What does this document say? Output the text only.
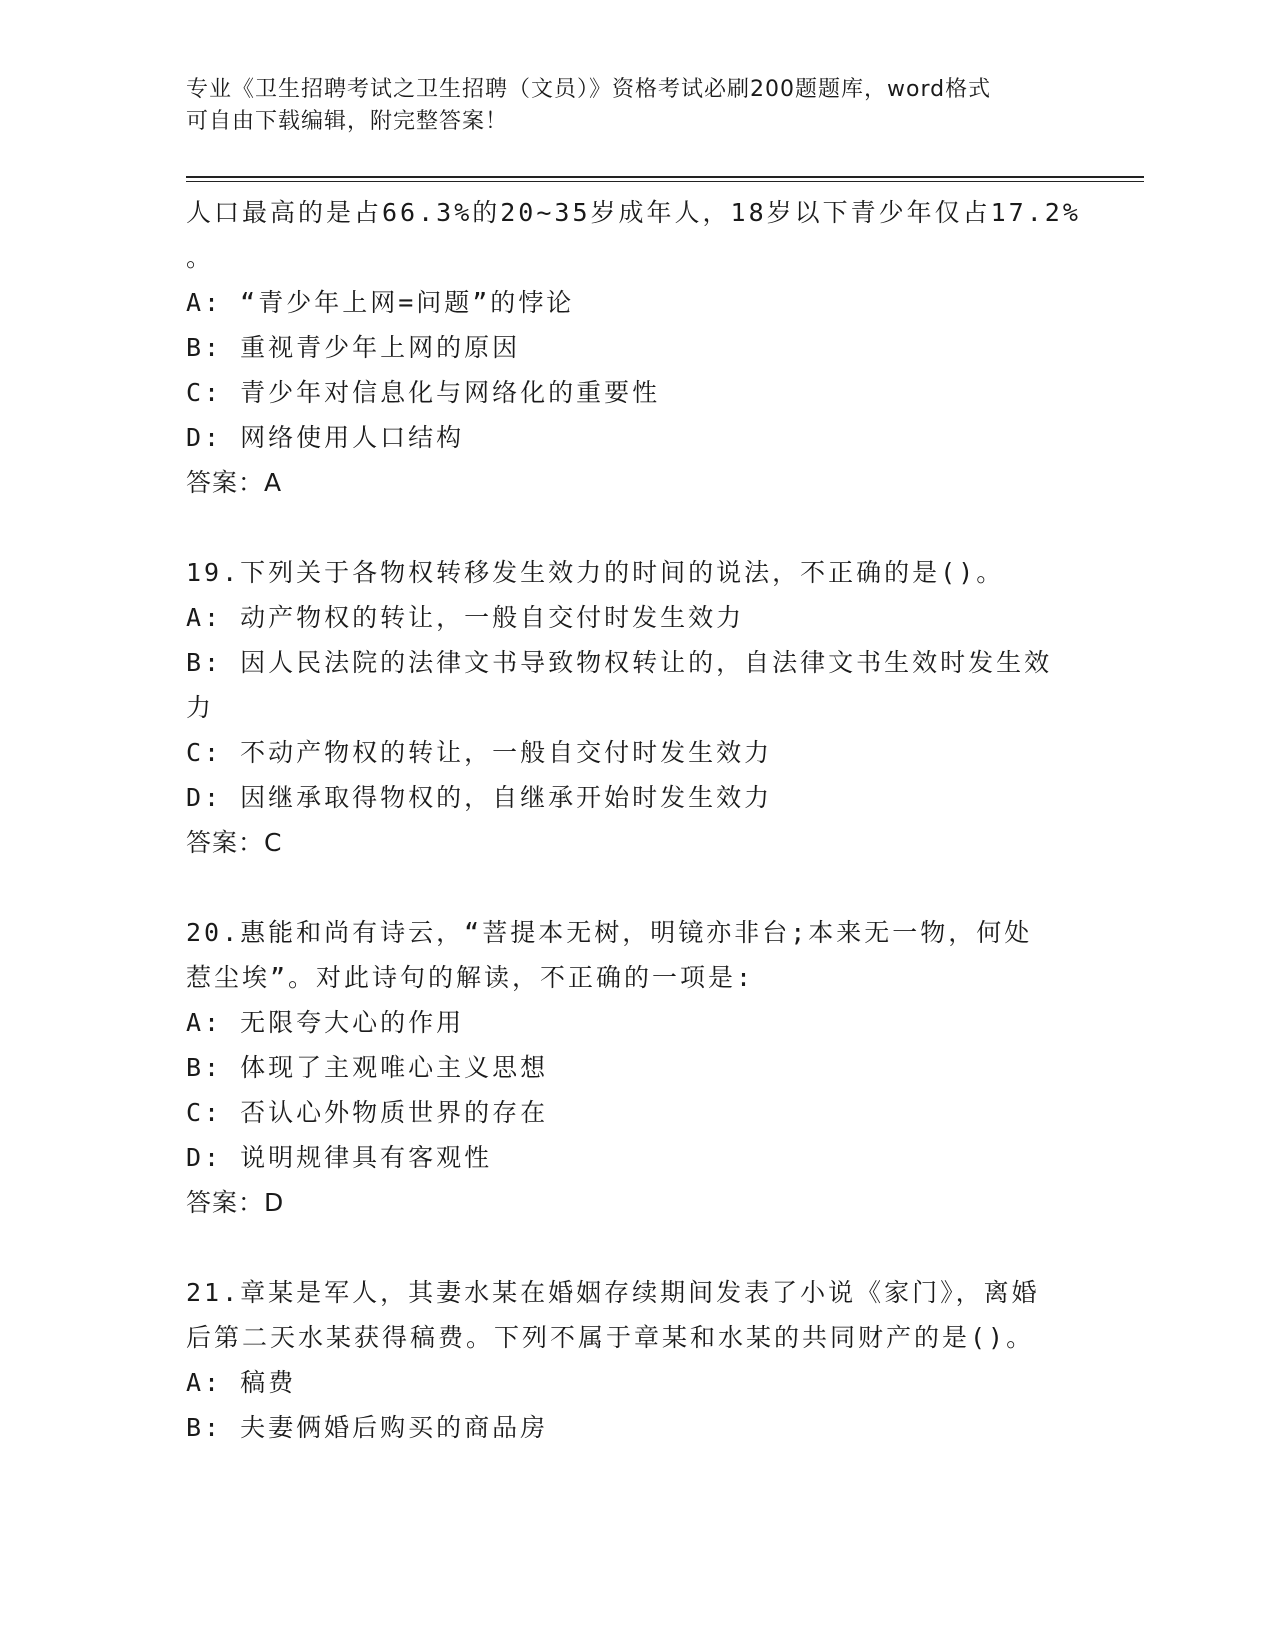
专业《卫生招聘考试之卫生招聘（文员）》资格考试必刷200题题库，word格式
可自由下载编辑，附完整答案！
人口最高的是占66.3%的20~35岁成年人，18岁以下青少年仅占17.2%
。
A: “青少年上网=问题”的悖论
B: 重视青少年上网的原因
C: 青少年对信息化与网络化的重要性
D: 网络使用人口结构
答案：A
19.下列关于各物权转移发生效力的时间的说法，不正确的是()。
A: 动产物权的转让，一般自交付时发生效力
B: 因人民法院的法律文书导致物权转让的，自法律文书生效时发生效
力
C: 不动产物权的转让，一般自交付时发生效力
D: 因继承取得物权的，自继承开始时发生效力
答案：C
20.惠能和尚有诗云，“菩提本无树，明镜亦非台;本来无一物，何处
惹尘埃”。对此诗句的解读，不正确的一项是:
A: 无限夸大心的作用
B: 体现了主观唯心主义思想
C: 否认心外物质世界的存在
D: 说明规律具有客观性
答案：D
21.章某是军人，其妻水某在婚姻存续期间发表了小说《家门》，离婚
后第二天水某获得稿费。下列不属于章某和水某的共同财产的是()。
A: 稿费
B: 夫妻俩婚后购买的商品房
